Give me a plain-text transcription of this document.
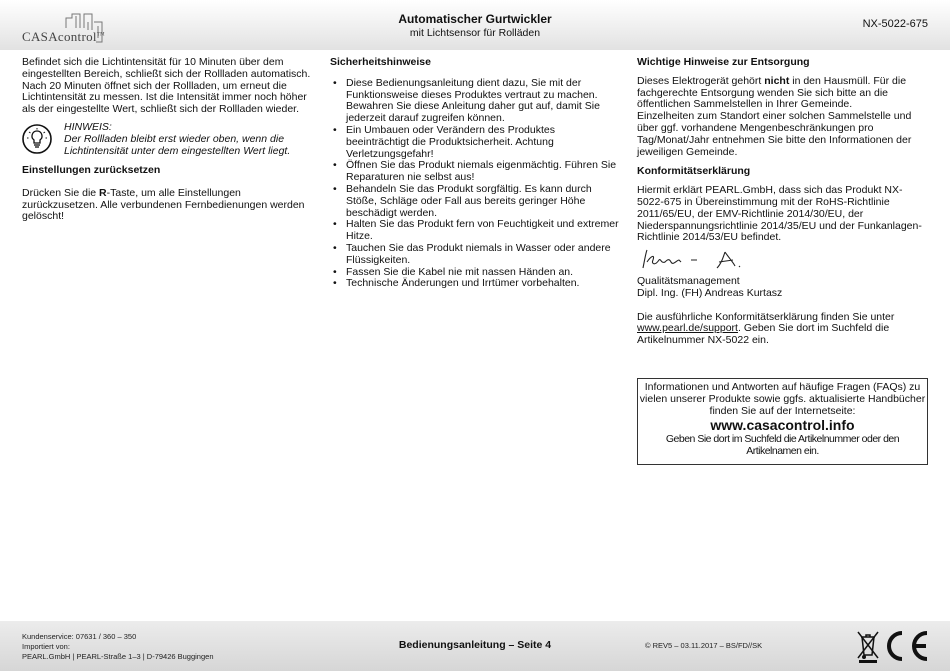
CASAcontrol™
Automatischer Gurtwickler
mit Lichtsensor für Rolläden
NX-5022-675

Befindet sich die Lichtintensität für 10 Minuten über dem eingestellten Bereich, schließt sich der Rollladen automatisch. Nach 20 Minuten öffnet sich der Rollladen, um erneut die Lichtintensität zu messen. Ist die Intensität immer noch höher als der eingestellte Wert, schließt sich der Rollladen wieder.

HINWEIS:
Der Rollladen bleibt erst wieder oben, wenn die Lichtintensität unter dem eingestellten Wert liegt.
Einstellungen zurücksetzen

Drücken Sie die R-Taste, um alle Einstellungen zurückzusetzen. Alle verbundenen Fernbedienungen werden gelöscht!

Sicherheitshinweise
• Diese Bedienungsanleitung dient dazu, Sie mit der Funktionsweise dieses Produktes vertraut zu machen. Bewahren Sie diese Anleitung daher gut auf, damit Sie jederzeit darauf zugreifen können.
• Ein Umbauen oder Verändern des Produktes beeinträchtigt die Produktsicherheit. Achtung Verletzungsgefahr!
• Öffnen Sie das Produkt niemals eigenmächtig. Führen Sie Reparaturen nie selbst aus!
• Behandeln Sie das Produkt sorgfältig. Es kann durch Stöße, Schläge oder Fall aus bereits geringer Höhe beschädigt werden.
• Halten Sie das Produkt fern von Feuchtigkeit und extremer Hitze.
• Tauchen Sie das Produkt niemals in Wasser oder andere Flüssigkeiten.
• Fassen Sie die Kabel nie mit nassen Händen an.
• Technische Änderungen und Irrtümer vorbehalten.
Wichtige Hinweise zur Entsorgung

Dieses Elektrogerät gehört nicht in den Hausmüll. Für die fachgerechte Entsorgung wenden Sie sich bitte an die öffentlichen Sammelstellen in Ihrer Gemeinde.

Einzelheiten zum Standort einer solchen Sammelstelle und über ggf. vorhandene Mengenbeschränkungen pro Tag/Monat/Jahr entnehmen Sie bitte den Informationen der jeweiligen Gemeinde.

Konformitätserklärung

Hiermit erklärt PEARL.GmbH, dass sich das Produkt NX-5022-675 in Übereinstimmung mit der RoHS-Richtlinie 2011/65/EU, der EMV-Richtlinie 2014/30/EU, der Niederspannungsrichtlinie 2014/35/EU und der Funkanlagen-Richtlinie 2014/53/EU befindet.

Qualitätsmanagement

Dipl. Ing. (FH) Andreas Kurtasz

Die ausführliche Konformitätserklärung finden Sie unter www.pearl.de/support. Geben Sie dort im Suchfeld die Artikelnummer NX-5022 ein.

Informationen und Antworten auf häufige Fragen (FAQs) zu vielen unserer Produkte sowie ggfs. aktualisierte Handbücher finden Sie auf der Internetseite:
www.casacontrol.info
Geben Sie dort im Suchfeld die Artikelnummer oder den Artikelnamen ein.
Kundenservice: 07631 / 360 – 350
Importiert von:
PEARL.GmbH | PEARL-Straße 1–3 | D-79426 Buggingen
Bedienungsanleitung – Seite 4	© REV5 – 03.11.2017 – BS/FD//SK
